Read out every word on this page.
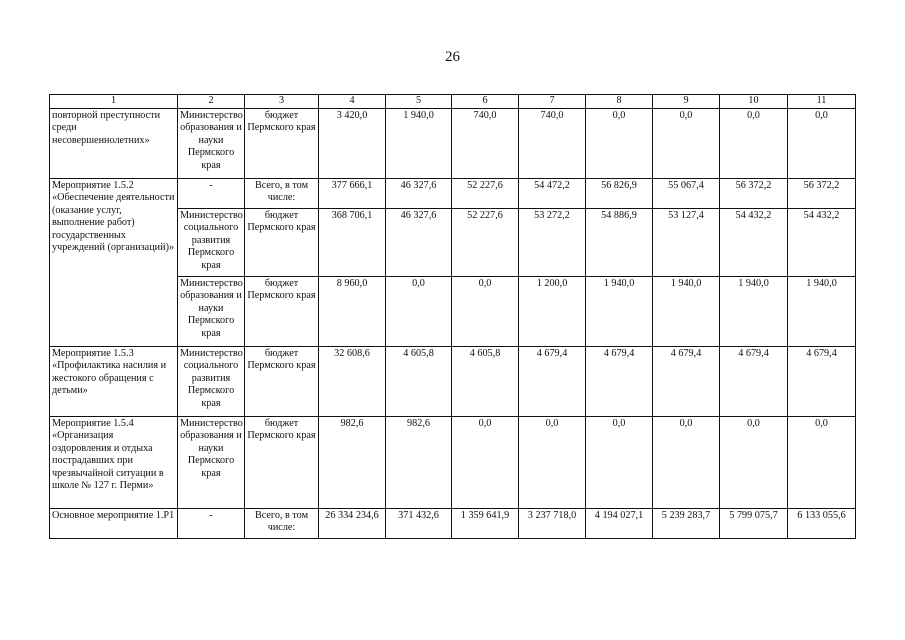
26
1	2	3	4	5	6	7	8	9	10	11
повторной преступности среди несовершеннолетних»	Министерство образования и науки Пермского края	бюджет Пермского края	3 420,0	1 940,0	740,0	740,0	0,0	0,0	0,0	0,0
Мероприятие 1.5.2 «Обеспечение деятельности (оказание услуг, выполнение работ) государственных учреждений (организаций)»	-	Всего, в том числе:	377 666,1	46 327,6	52 227,6	54 472,2	56 826,9	55 067,4	56 372,2	56 372,2
	Министерство социального развития Пермского края	бюджет Пермского края	368 706,1	46 327,6	52 227,6	53 272,2	54 886,9	53 127,4	54 432,2	54 432,2
	Министерство образования и науки Пермского края	бюджет Пермского края	8 960,0	0,0	0,0	1 200,0	1 940,0	1 940,0	1 940,0	1 940,0
Мероприятие 1.5.3 «Профилактика насилия и жестокого обращения с детьми»	Министерство социального развития Пермского края	бюджет Пермского края	32 608,6	4 605,8	4 605,8	4 679,4	4 679,4	4 679,4	4 679,4	4 679,4
Мероприятие 1.5.4 «Организация оздоровления и отдыха пострадавших при чрезвычайной ситуации в школе № 127 г. Перми»	Министерство образования и науки Пермского края	бюджет Пермского края	982,6	982,6	0,0	0,0	0,0	0,0	0,0	0,0
Основное мероприятие 1.Р1	-	Всего, в том числе:	26 334 234,6	371 432,6	1 359 641,9	3 237 718,0	4 194 027,1	5 239 283,7	5 799 075,7	6 133 055,6
